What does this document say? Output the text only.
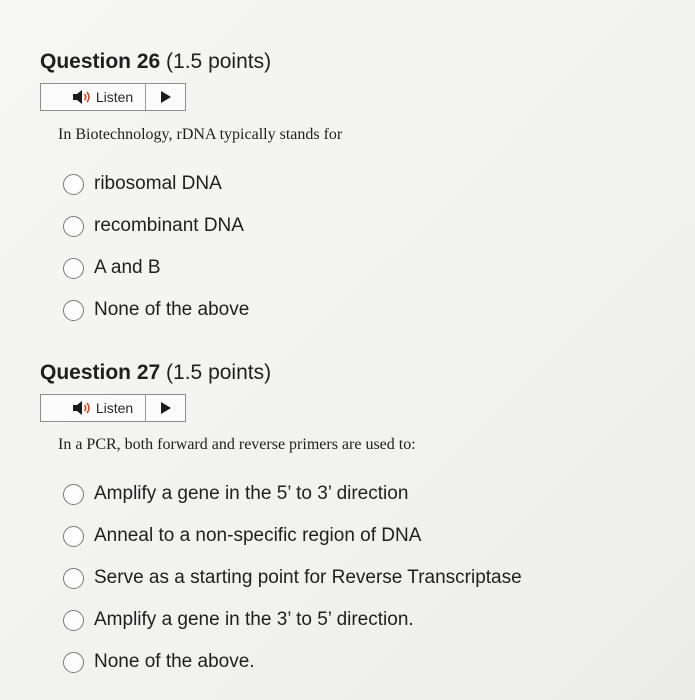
Question 26 (1.5 points)
Listen
In Biotechnology, rDNA typically stands for
ribosomal DNA
recombinant DNA
A and B
None of the above
Question 27 (1.5 points)
Listen
In a PCR, both forward and reverse primers are used to:
Amplify a gene in the 5’ to 3’ direction
Anneal to a non-specific region of DNA
Serve as a starting point for Reverse Transcriptase
Amplify a gene in the 3’ to 5’ direction.
None of the above.
